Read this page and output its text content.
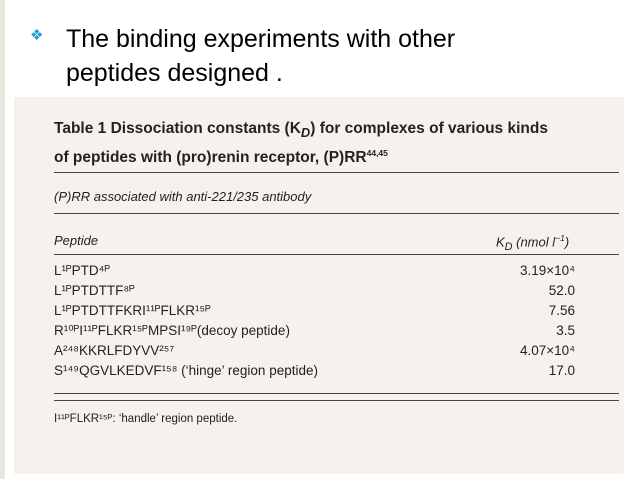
❖ The binding experiments with other
peptides designed .
Table 1 Dissociation constants $(K_D)$ for complexes of various kinds
of peptides with (pro)renin receptor, (P)RR$^{44,45}$
(P)RR associated with anti-221/235 antibody
Peptide	$K_D$ (nmol $l^{-1}$)
L¹ᴾPTD⁴ᴾ	3.19×10⁴
L¹ᴾPTDTTF⁸ᴾ	52.0
L¹ᴾPTDTTFKRI¹¹ᴾFLKR¹⁵ᴾ	7.56
R¹⁰ᴾI¹¹ᴾFLKR¹⁵ᴾMPSI¹⁹ᴾ(decoy peptide)	3.5
A²⁴⁸KKRLFDYVV²⁵⁷	4.07×10⁴
S¹⁴⁹QGVLKEDVF¹⁵⁸ (‘hinge’ region peptide)	17.0
I¹¹ᴾFLKR¹⁵ᴾ: ‘handle’ region peptide.
